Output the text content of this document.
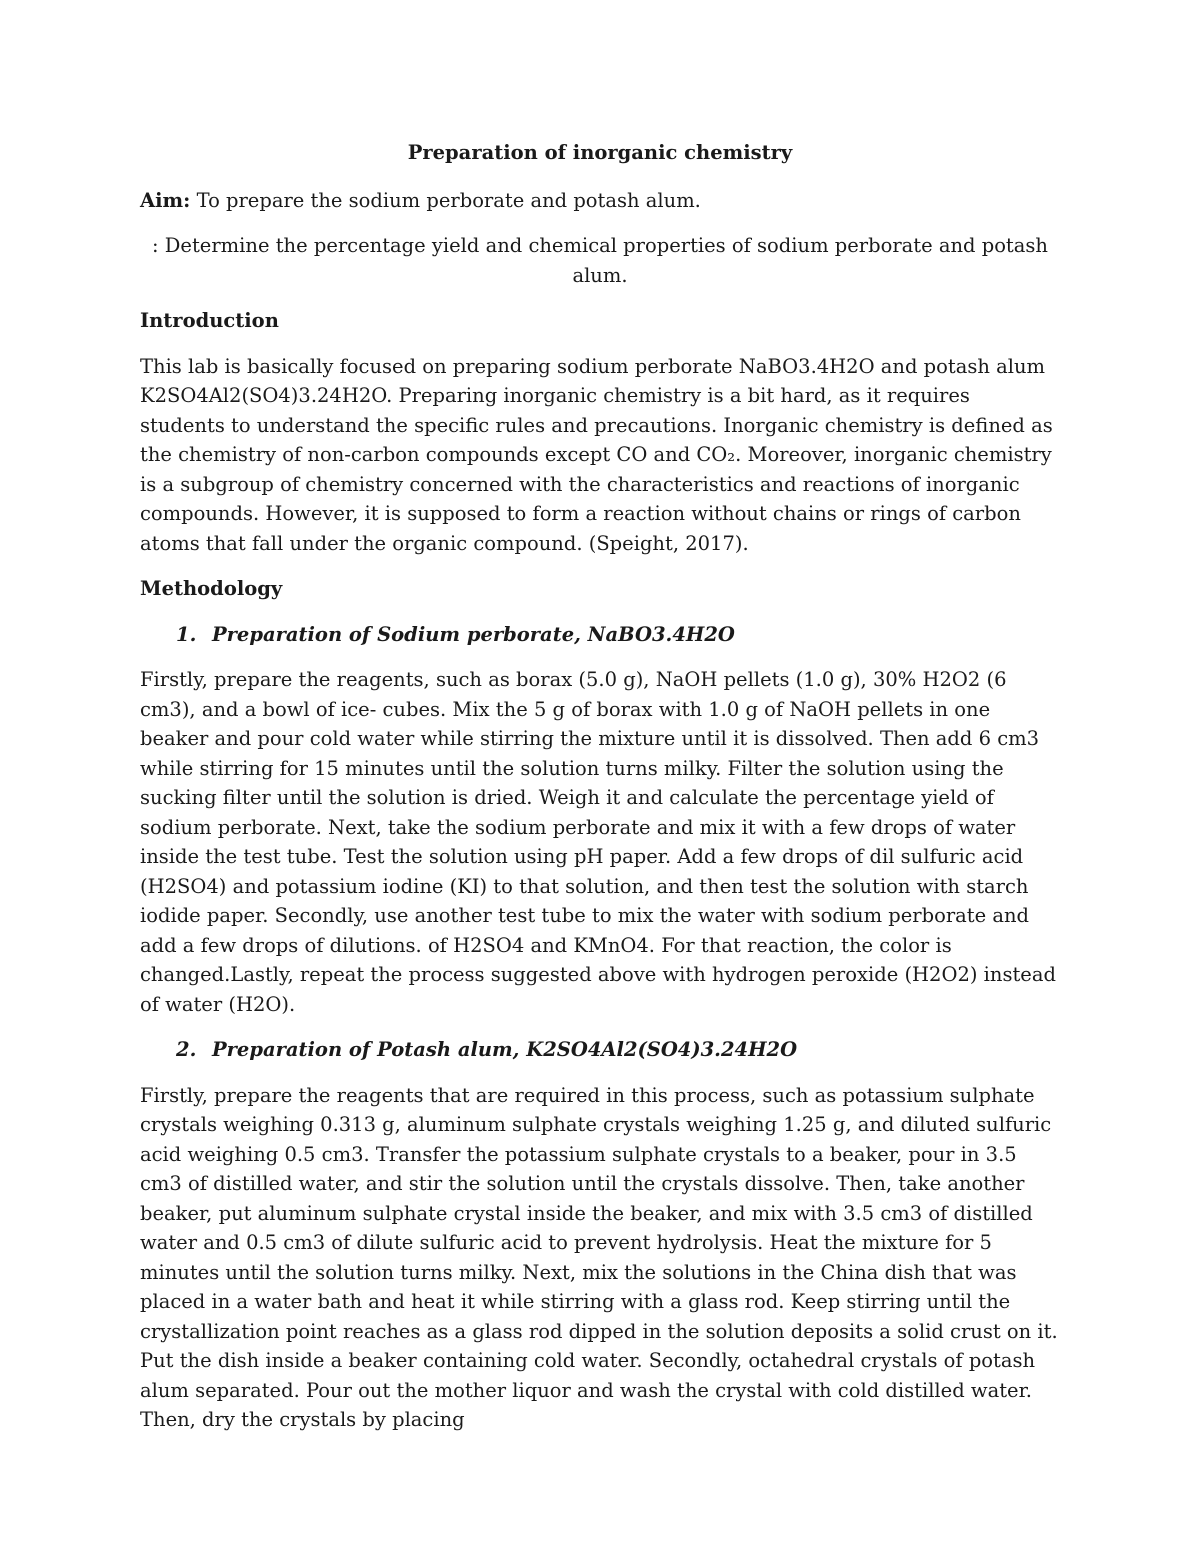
Preparation of inorganic chemistry
Aim: To prepare the sodium perborate and potash alum.
: Determine the percentage yield and chemical properties of sodium perborate and potash alum.
Introduction

This lab is basically focused on preparing sodium perborate NaBO3.4H2O and potash alum K2SO4Al2(SO4)3.24H2O. Preparing inorganic chemistry is a bit hard, as it requires students to understand the specific rules and precautions. Inorganic chemistry is defined as the chemistry of non-carbon compounds except CO and CO₂. Moreover, inorganic chemistry is a subgroup of chemistry concerned with the characteristics and reactions of inorganic compounds. However, it is supposed to form a reaction without chains or rings of carbon atoms that fall under the organic compound. (Speight, 2017).

Methodology
1. Preparation of Sodium perborate, NaBO3.4H2O

Firstly, prepare the reagents, such as borax (5.0 g), NaOH pellets (1.0 g), 30% H2O2 (6 cm3), and a bowl of ice- cubes. Mix the 5 g of borax with 1.0 g of NaOH pellets in one beaker and pour cold water while stirring the mixture until it is dissolved. Then add 6 cm3 while stirring for 15 minutes until the solution turns milky. Filter the solution using the sucking filter until the solution is dried. Weigh it and calculate the percentage yield of sodium perborate. Next, take the sodium perborate and mix it with a few drops of water inside the test tube. Test the solution using pH paper. Add a few drops of dil sulfuric acid (H2SO4) and potassium iodine (KI) to that solution, and then test the solution with starch iodide paper. Secondly, use another test tube to mix the water with sodium perborate and add a few drops of dilutions. of H2SO4 and KMnO4. For that reaction, the color is changed.Lastly, repeat the process suggested above with hydrogen peroxide (H2O2) instead of water (H2O).

2. Preparation of Potash alum, K2SO4Al2(SO4)3.24H2O

Firstly, prepare the reagents that are required in this process, such as potassium sulphate crystals weighing 0.313 g, aluminum sulphate crystals weighing 1.25 g, and diluted sulfuric acid weighing 0.5 cm3. Transfer the potassium sulphate crystals to a beaker, pour in 3.5 cm3 of distilled water, and stir the solution until the crystals dissolve. Then, take another beaker, put aluminum sulphate crystal inside the beaker, and mix with 3.5 cm3 of distilled water and 0.5 cm3 of dilute sulfuric acid to prevent hydrolysis. Heat the mixture for 5 minutes until the solution turns milky. Next, mix the solutions in the China dish that was placed in a water bath and heat it while stirring with a glass rod. Keep stirring until the crystallization point reaches as a glass rod dipped in the solution deposits a solid crust on it. Put the dish inside a beaker containing cold water. Secondly, octahedral crystals of potash alum separated. Pour out the mother liquor and wash the crystal with cold distilled water. Then, dry the crystals by placing
